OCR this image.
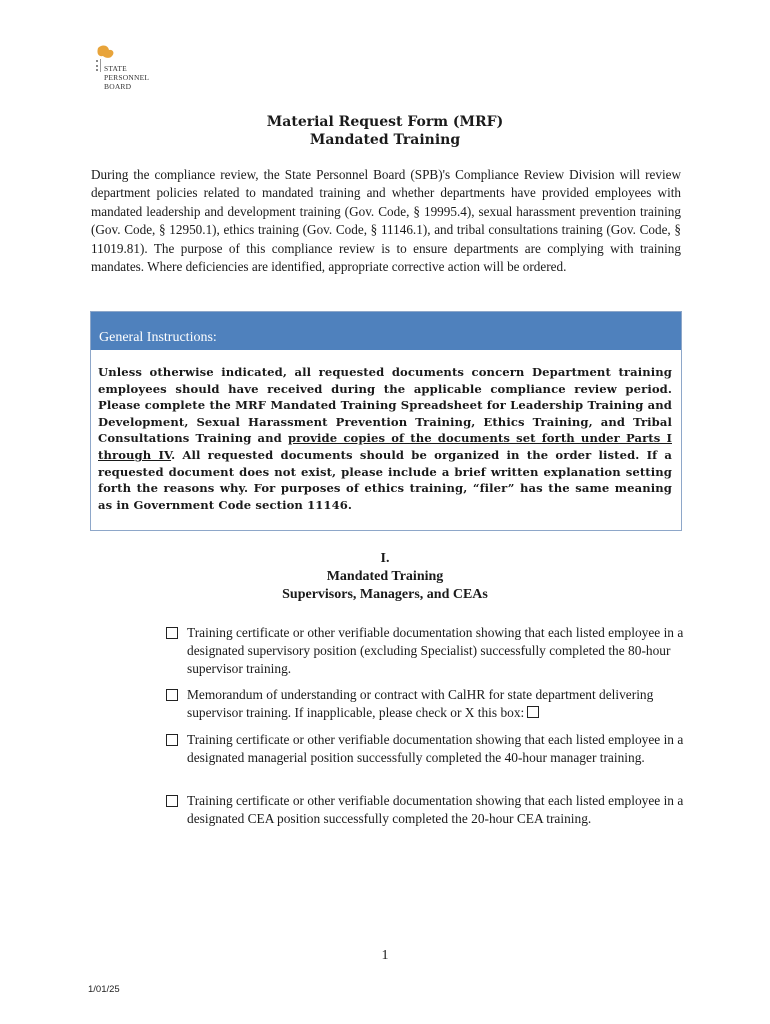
STATE
PERSONNEL
BOARD
Material Request Form (MRF)
Mandated Training
During the compliance review, the State Personnel Board (SPB)'s Compliance Review Division will review department policies related to mandated training and whether departments have provided employees with mandated leadership and development training (Gov. Code, § 19995.4), sexual harassment prevention training (Gov. Code, § 12950.1), ethics training (Gov. Code, § 11146.1), and tribal consultations training (Gov. Code, § 11019.81). The purpose of this compliance review is to ensure departments are complying with training mandates. Where deficiencies are identified, appropriate corrective action will be ordered.
General Instructions:
Unless otherwise indicated, all requested documents concern Department training employees should have received during the applicable compliance review period. Please complete the MRF Mandated Training Spreadsheet for Leadership Training and Development, Sexual Harassment Prevention Training, Ethics Training, and Tribal Consultations Training and provide copies of the documents set forth under Parts I through IV. All requested documents should be organized in the order listed. If a requested document does not exist, please include a brief written explanation setting forth the reasons why. For purposes of ethics training, “filer” has the same meaning as in Government Code section 11146.
I.
Mandated Training
Supervisors, Managers, and CEAs
Training certificate or other verifiable documentation showing that each listed employee in a designated supervisory position (excluding Specialist) successfully completed the 80-hour supervisor training.
Memorandum of understanding or contract with CalHR for state department delivering supervisor training. If inapplicable, please check or X this box:
Training certificate or other verifiable documentation showing that each listed employee in a designated managerial position successfully completed the 40-hour manager training.
Training certificate or other verifiable documentation showing that each listed employee in a designated CEA position successfully completed the 20-hour CEA training.
1
1/01/25
